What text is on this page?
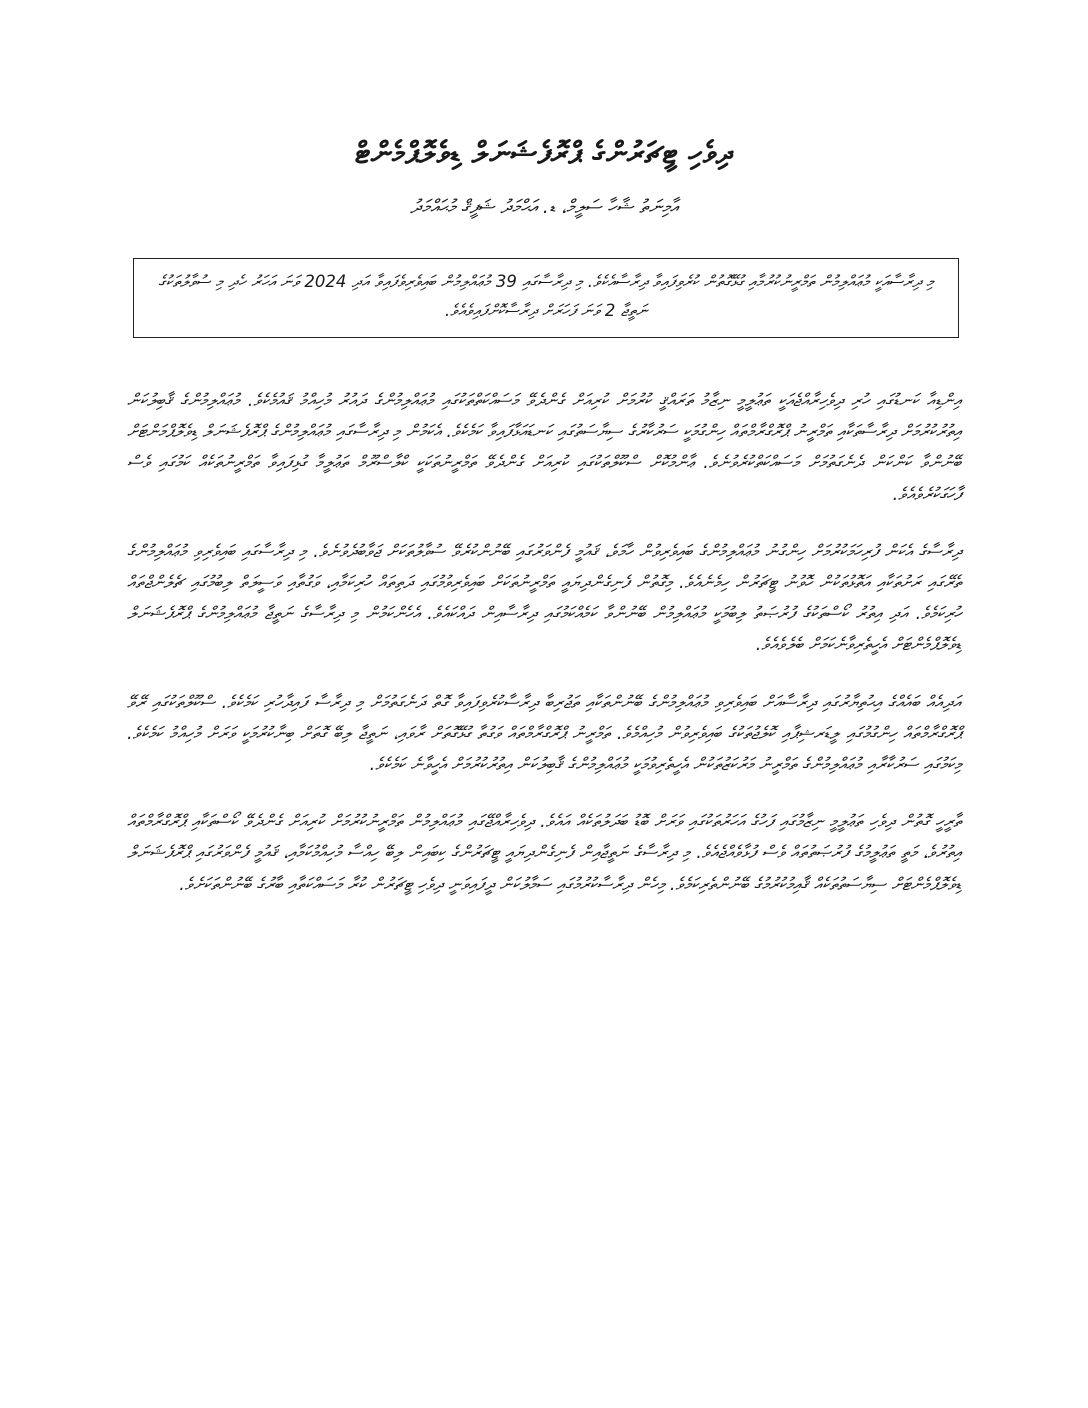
ދިވެހި ޓީޗަރުންގެ ޕްރޮފެޝަނަލް ޑިވެލޮޕްމެންޓް
އާމިނަތު ޝާހާ ސަލީމް، ޑ. އަޙްމަދު ޝަފީޤް މުޙައްމަދު
މި ދިރާސާއަކީ މުޢައްލިމުން ތަމްރީނުކުރުމާއި ގުޅޭގޮތުން ކުރެވިފައިވާ ދިރާސާއެކެވެ. މި ދިރާސާގައި 39 މުޢައްލިމުން ބައިވެރިވެފައިވާ އަދި 2024 ވަނަ އަހަރު ހެދި މި ސުވާލުތަކުގެ ނަތީޖާ 2 ވަނަ ފަހަރަށް ދިރާސާކޮށްފައިވެއެވެ.

އިންޑިއާ ކަނޑުގައި ހުރި ދިވެހިރާއްޖެއަކީ ތަޢުލީމީ ނިޒާމު ތަރައްޤީ ކުރުމަށް ކުރިއަށް ގެންދެވޭ މަސައްކަތްތަކުގައި މުޢައްލިމުންގެ ދައުރު މުހިއްމު ޤައުމެކެވެ. މުޢައްލިމުންގެ ޤާބިލުކަން އިތުރުކުރުމަށް ދިރާސާތަކާއި ތަމްރީނު ޕްރޮގްރާމްތައް ހިންގުމަކީ ސަރުކާރުގެ ސިޔާސަތުގައި ކަނޑައަޅާފައިވާ ކަމެކެވެ. އެކަމުން މި ދިރާސާގައި މުޢައްލިމުންގެ ޕްރޮފެޝަނަލް ޑިވެލޮޕްމަންޓަށް ބޭނުންވާ ކަންކަން ދެނެގަތުމަށް މަސައްކަތްކުރެވުނެވެ. ޢާންމުކޮށް ސްކޫލްތަކުގައި ކުރިއަށް ގެންދެވޭ ތަމްރީނުތަކަކީ ކްލާސްރޫމް ތަޢުލީމާ ގުޅިފައިވާ ތަމްރީނުތަކެއް ކަމުގައި ވެސް ފާހަގަކުރެވެއެވެ.

ދިރާސާގެ އެކަން ފުރިހަމަކުރުމަށް ހިންގުނު މުޢައްލިމުންގެ ބައިވެރިވުން ހާމަވެ، ޤައުމީ ފެންވަރުގައި ބޭނުންކުރެވޭ ސުވާލުތަކަށް ޖަވާބުދެވުނެވެ. މި ދިރާސާގައި ބައިވެރިވި މުޢައްލިމުންގެ ތެރޭގައި ރަށުތަކާއި އަތޮޅުތަކުން ހޮވުނު ޓީޗަރުން ހިމެނެއެވެ. މިގޮތުން ފެނިގެންދިޔައީ ތަމްރީނުތަކަށް ބައިވެރިވުމުގައި ދަތިތައް ހުރިކަމާއި، ވަގުތާއި ވަސީލަތް ލިބުމުގައި ޗެލެންޖްތައް ހުރިކަމެވެ. އަދި އިތުރު ކޯސްތަކުގެ ފުރުޞަތު ލިބުމަކީ މުޢައްލިމުން ބޭނުންވާ ކަމެއްކަމުގައި ދިރާސާއިން ދައްކައެވެ. އެހެންކަމުން މި ދިރާސާގެ ނަތީޖާ މުޢައްލިމުންގެ ޕްރޮފެޝަނަލް ޑިވެލޮޕްމެންޓަށް އެހީތެރިވާނެކަމަށް ބެލެވެއެވެ.

އަދިއެއް ބައެއްގެ އިޙުތިޔާރުގައި ދިރާސާއަށް ބައިވެރިވި މުޢައްލިމުންގެ ބޭނުންތަކާއި ތަޖުރިބާ ދިރާސާކުރެވިފައިވާ ގޮތް ދަނެގަތުމަށް މި ދިރާސާ ފައިދާހުރި ކަމެކެވެ. ސްކޫލްތަކުގައި ރޭވޭ ޕްރޮގްރާމްތައް ހިންގުމުގައި ލީޑަރޝިޕާއި ކޮލެޖުތަކުގެ ބައިވެރިވުން މުހިއްމެވެ. ތަމްރީނު ޕްރޮގްރާމްތައް ވަގުތާ ގުޅޭގޮތަށް ރާވައި، ނަތީޖާ ލިބޭ ގޮތަށް ބިނާކުރުމަކީ ވަރަށް މުހިއްމު ކަމެކެވެ. މިކަމުގައި ސަރުކާރާއި މުޢައްލިމުންގެ ތަމްރީނު މަރުކަޒުތަކުން އެހީތެރިވުމަކީ މުޢައްލިމުންގެ ޤާބިލުކަން އިތުރުކުރުމަށް އެހީވާނެ ކަމެކެވެ.

ތާރީހީ ގޮތުން ދިވެހި ތަޢުލީމީ ނިޒާމުގައި ފަހުގެ އަހަރުތަކުގައި ވަރަށް ބޮޑު ބަދަލުތަކެއް އައެވެ. ދިވެހިރާއްޖޭގައި މުޢައްލިމުން ތަމްރީނުކުރުމަށް ކުރިއަށް ގެންދެވޭ ކޯސްތަކާއި ޕްރޮގްރާމްތައް އިތުރުވެ، މަތީ ތަޢުލީމުގެ ފުރުޞަތުތައް ވެސް ފުޅާވެއްޖެއެވެ. މި ދިރާސާގެ ނަތީޖާއިން ފެނިގެންދިޔައީ ޓީޗަރުންގެ ކިބައިން ލިބޭ ހިއްސާ މުހިއްމުކަމާއި، ޤައުމީ ފެންވަރުގައި ޕްރޮފެޝަނަލް ޑިވެލޮޕްމެންޓަށް ސިޔާސަތުތަކެއް ޤާއިމުކުރުމުގެ ބޭނުންތެރިކަމެވެ. މިހެން ދިރާސާކުރުމުގައި ސަމާލުކަން ދީފައިވަނީ ދިވެހި ޓީޗަރުން ކުރާ މަސައްކަތާއި ބާރުގެ ބޭނުންތަކަށެވެ.
